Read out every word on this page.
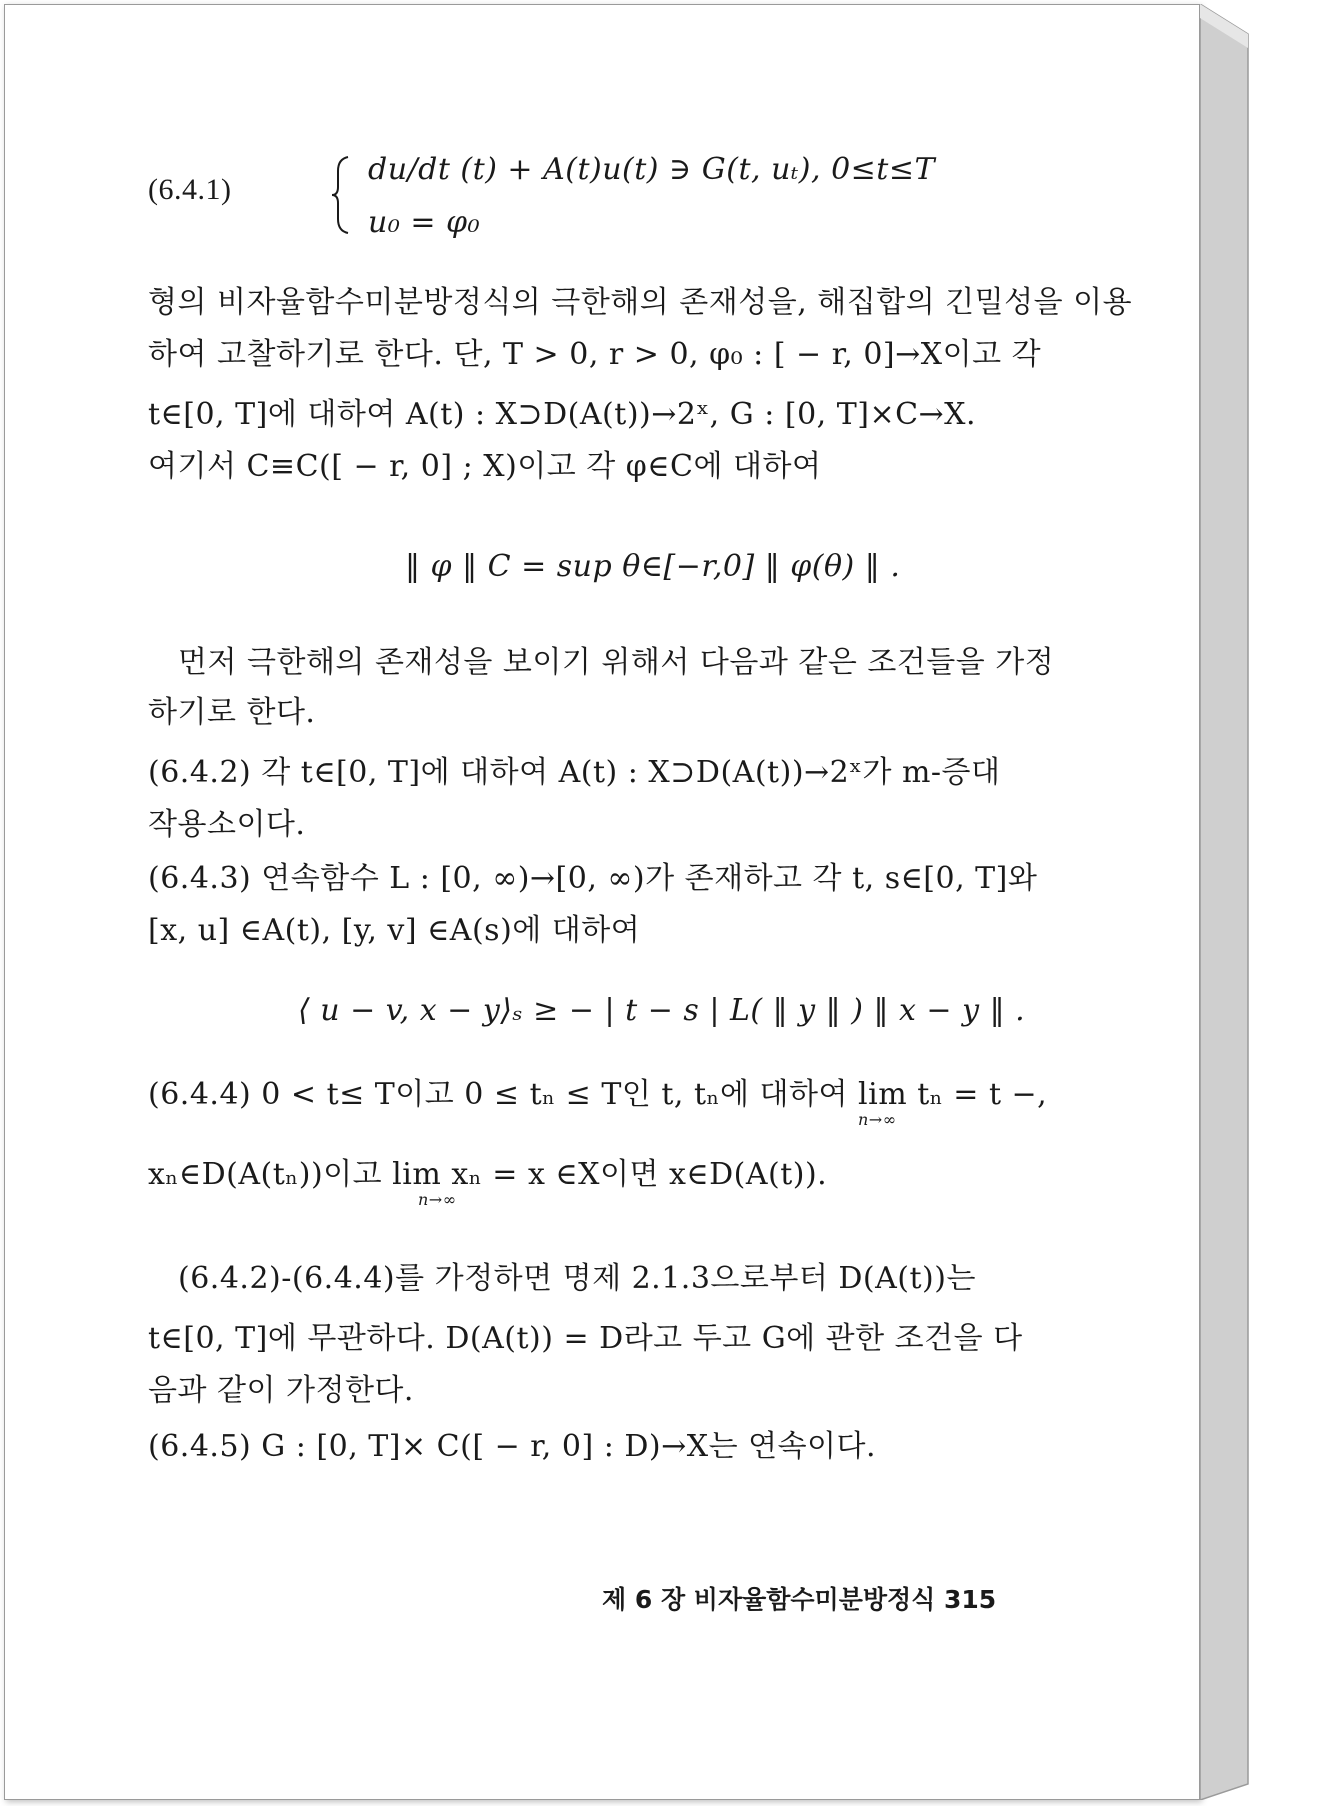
(6.4.1)
du/dt (t) + A(t)u(t) ∋ G(t, uₜ), 0≤t≤T
u₀ = φ₀
형의 비자율함수미분방정식의 극한해의 존재성을, 해집합의 긴밀성을 이용
하여 고찰하기로 한다. 단, T > 0, r > 0, φ₀ : [ − r, 0]→X이고 각
t∈[0, T]에 대하여 A(t) : X⊃D(A(t))→2ˣ, G : [0, T]×C→X.
여기서 C≡C([ − r, 0] ; X)이고 각 φ∈C에 대하여
‖ φ ‖ C = sup θ∈[−r,0] ‖ φ(θ) ‖ .
먼저 극한해의 존재성을 보이기 위해서 다음과 같은 조건들을 가정
하기로 한다.
(6.4.2) 각 t∈[0, T]에 대하여 A(t) : X⊃D(A(t))→2ˣ가 m-증대
작용소이다.
(6.4.3) 연속함수 L : [0, ∞)→[0, ∞)가 존재하고 각 t, s∈[0, T]와
[x, u] ∈A(t), [y, v] ∈A(s)에 대하여
⟨ u − v, x − y⟩ₛ ≥ − | t − s | L( ‖ y ‖ ) ‖ x − y ‖ .
(6.4.4) 0 < t≤ T이고 0 ≤ tₙ ≤ T인 t, tₙ에 대하여 lim tₙ = t −,
n→∞
xₙ∈D(A(tₙ))이고 lim xₙ = x ∈X이면 x∈D(A(t)).
n→∞
(6.4.2)-(6.4.4)를 가정하면 명제 2.1.3으로부터 D(A(t))는
t∈[0, T]에 무관하다. D(A(t)) = D라고 두고 G에 관한 조건을 다
음과 같이 가정한다.
(6.4.5) G : [0, T]× C([ − r, 0] : D)→X는 연속이다.
제 6 장 비자율함수미분방정식 315
